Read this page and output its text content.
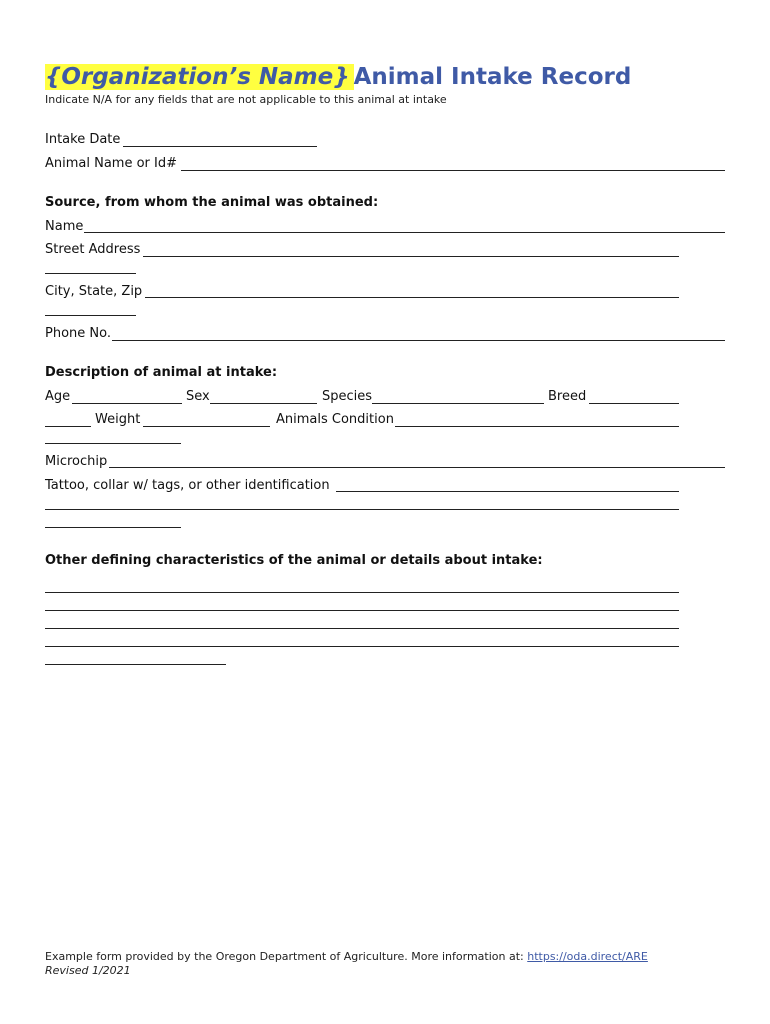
{Organization’s Name} Animal Intake Record
Indicate N/A for any fields that are not applicable to this animal at intake
Intake Date
Animal Name or Id#
Source, from whom the animal was obtained:
Name
Street Address
City, State, Zip
Phone No.
Description of animal at intake:
Age	Sex	Species	Breed
Weight	Animals Condition
Microchip
Tattoo, collar w/ tags, or other identification
Other defining characteristics of the animal or details about intake:
Example form provided by the Oregon Department of Agriculture. More information at: https://oda.direct/ARE
Revised 1/2021
